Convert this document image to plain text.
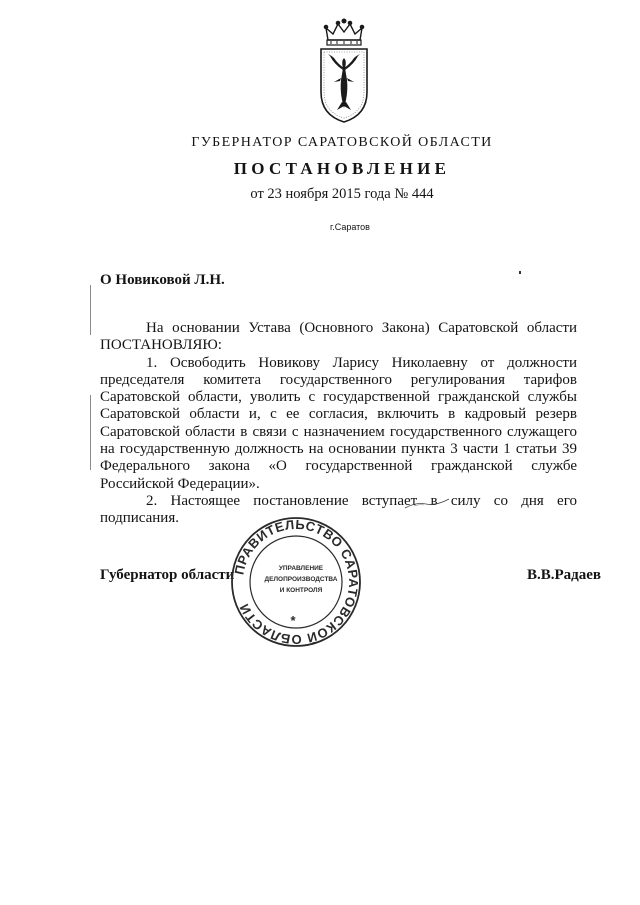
ГУБЕРНАТОР САРАТОВСКОЙ ОБЛАСТИ

ПОСТАНОВЛЕНИЕ

от 23 ноября 2015 года № 444

г.Саратов

О Новиковой Л.Н.

На основании Устава (Основного Закона) Саратовской области

ПОСТАНОВЛЯЮ:

1. Освободить Новикову Ларису Николаевну от должности председателя комитета государственного регулирования тарифов Саратовской области, уволить с государственной гражданской службы Саратовской области и, с ее согласия, включить в кадровый резерв Саратовской области в связи с назначением государственного служащего на государственную должность на основании пункта 3 части 1 статьи 39 Федерального закона «О государственной гражданской службе Российской Федерации».

2. Настоящее постановление вступает в силу со дня его подписания.

Губернатор области	В.В.Радаев

ПРАВИТЕЛЬСТВО САРАТОВСКОЙ ОБЛАСТИ
УПРАВЛЕНИЕ
ДЕЛОПРОИЗВОДСТВА
И КОНТРОЛЯ
*
